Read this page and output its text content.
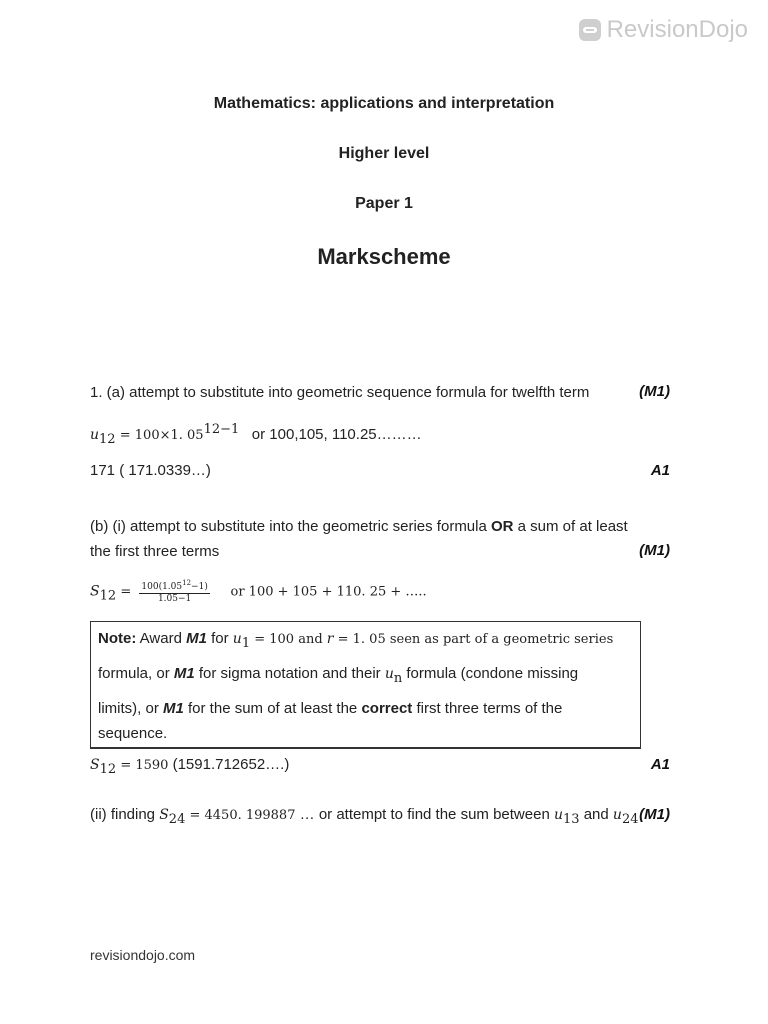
RevisionDojo
Mathematics: applications and interpretation
Higher level
Paper 1
Markscheme
1. (a) attempt to substitute into geometric sequence formula for twelfth term	(M1)
$u_{12} = 100\times 1$. $05^{12-1}$ or 100,105, 110.25………
171 ( 171.0339…)	A1
(b) (i) attempt to substitute into the geometric series formula OR a sum of at least
the first three terms	(M1)
$S_{12} = \frac{100(1.05^{12}-1)}{1.05-1}$ or 100 + 105 + 110. 25 + …..
Note: Award M1 for $u_1 = 100$ and r = 1. 05 seen as part of a geometric series
formula, or M1 for sigma notation and their $u_n$ formula (condone missing
limits), or M1 for the sum of at least the correct first three terms of the
sequence.
$S_{12} = 1590$ (1591.712652….)	A1
(ii) finding $S_{24} = 4450$. 199887 … or attempt to find the sum between $u_{13}$ and $u_{24}$ (M1)
revisiondojo.com
